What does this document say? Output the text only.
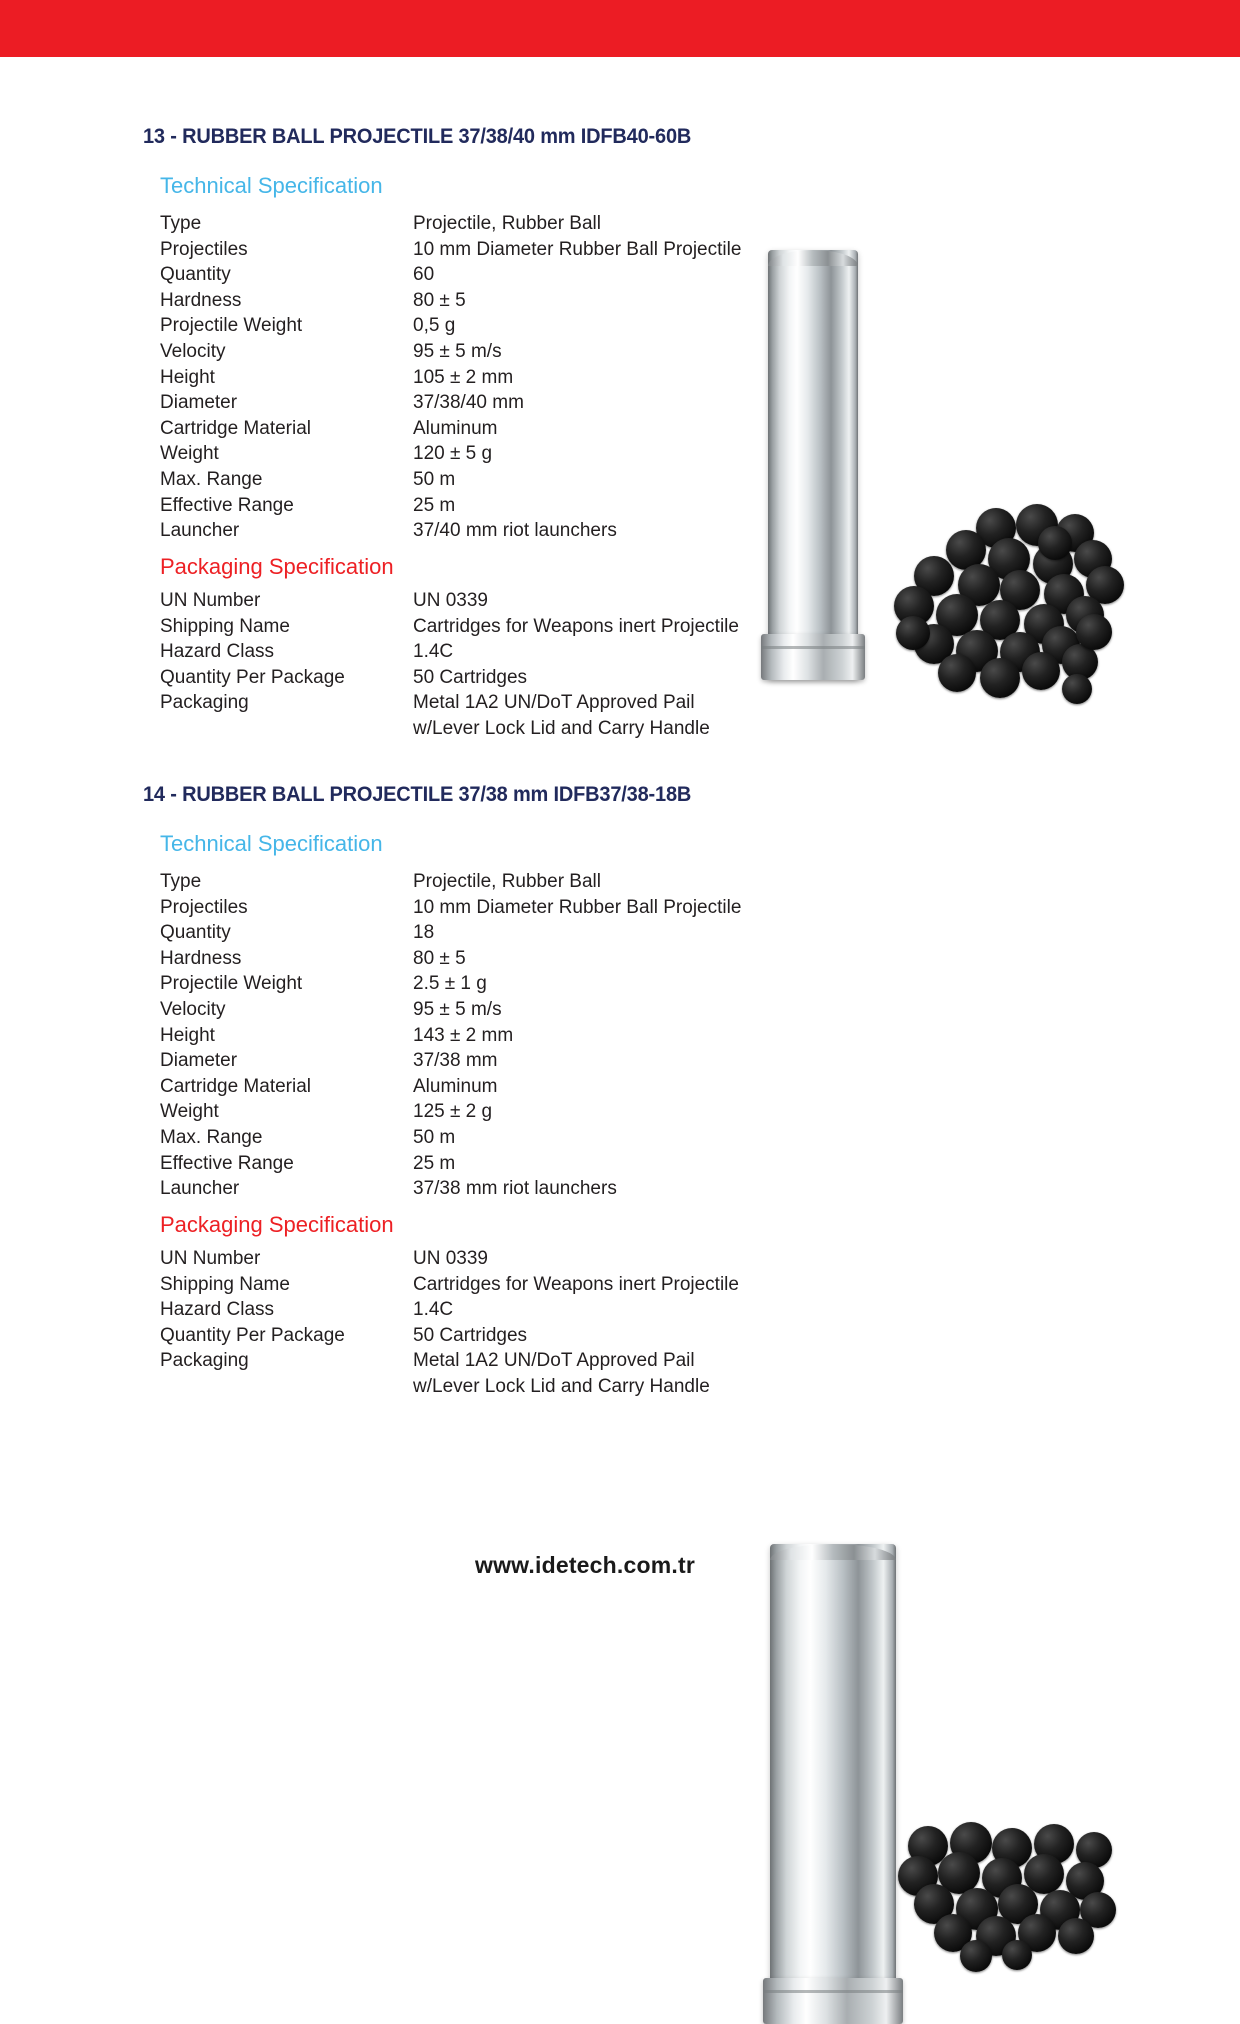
13 - RUBBER BALL PROJECTILE 37/38/40 mm IDFB40-60B
Technical Specification
Type	Projectile, Rubber Ball
Projectiles	10 mm Diameter Rubber Ball Projectile
Quantity	60
Hardness	80 ± 5
Projectile Weight	0,5 g
Velocity	95 ± 5 m/s
Height	105 ± 2 mm
Diameter	37/38/40 mm
Cartridge Material	Aluminum
Weight	120 ± 5 g
Max. Range	50 m
Effective Range	25 m
Launcher	37/40 mm riot launchers
Packaging Specification
UN Number	UN 0339
Shipping Name	Cartridges for Weapons inert Projectile
Hazard Class	1.4C
Quantity Per Package	50 Cartridges
Packaging	Metal 1A2 UN/DoT Approved Pail
w/Lever Lock Lid and Carry Handle
14 - RUBBER BALL PROJECTILE 37/38 mm IDFB37/38-18B
Technical Specification
Type	Projectile, Rubber Ball
Projectiles	10 mm Diameter Rubber Ball Projectile
Quantity	18
Hardness	80 ± 5
Projectile Weight	2.5 ± 1 g
Velocity	95 ± 5 m/s
Height	143 ± 2 mm
Diameter	37/38 mm
Cartridge Material	Aluminum
Weight	125 ± 2 g
Max. Range	50 m
Effective Range	25 m
Launcher	37/38 mm riot launchers
Packaging Specification
UN Number	UN 0339
Shipping Name	Cartridges for Weapons inert Projectile
Hazard Class	1.4C
Quantity Per Package	50 Cartridges
Packaging	Metal 1A2 UN/DoT Approved Pail
w/Lever Lock Lid and Carry Handle
www.idetech.com.tr
